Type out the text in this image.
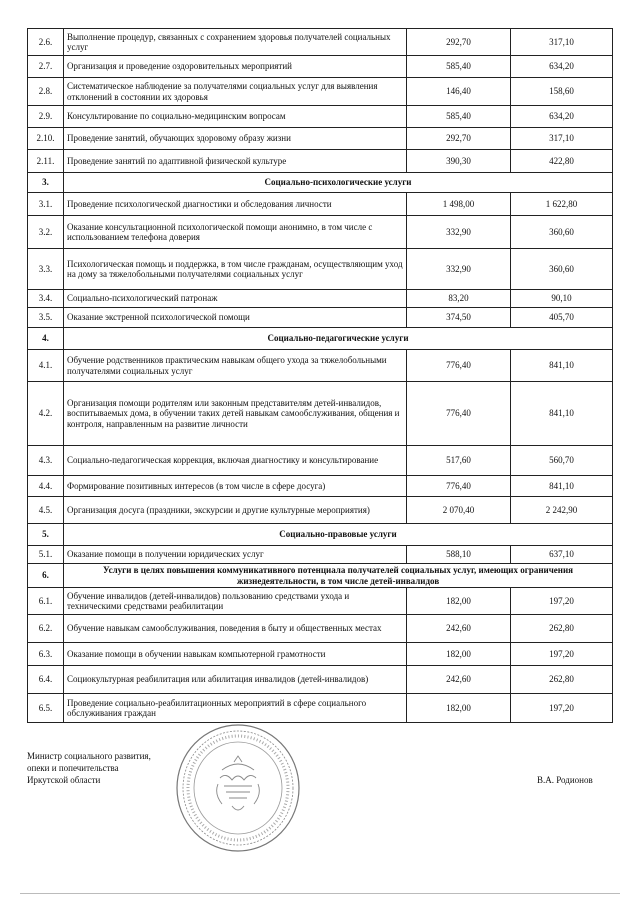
2.6.	Выполнение процедур, связанных с сохранением здоровья получателей социальных услуг	292,70	317,10
2.7.	Организация и проведение оздоровительных мероприятий	585,40	634,20
2.8.	Систематическое наблюдение за получателями социальных услуг для выявления отклонений в состоянии их здоровья	146,40	158,60
2.9.	Консультирование по социально-медицинским вопросам	585,40	634,20
2.10.	Проведение занятий, обучающих здоровому образу жизни	292,70	317,10
2.11.	Проведение занятий по адаптивной физической культуре	390,30	422,80
3.	Социально-психологические услуги		
3.1.	Проведение психологической диагностики и обследования личности	1 498,00	1 622,80
3.2.	Оказание консультационной психологической помощи анонимно, в том числе с использованием телефона доверия	332,90	360,60
3.3.	Психологическая помощь и поддержка, в том числе гражданам, осуществляющим уход на дому за тяжелобольными получателями социальных услуг	332,90	360,60
3.4.	Социально-психологический патронаж	83,20	90,10
3.5.	Оказание экстренной психологической помощи	374,50	405,70
4.	Социально-педагогические услуги		
4.1.	Обучение родственников практическим навыкам общего ухода за тяжелобольными получателями социальных услуг	776,40	841,10
4.2.	Организация помощи родителям или законным представителям детей-инвалидов, воспитываемых дома, в обучении таких детей навыкам самообслуживания, общения и контроля, направленным на развитие личности	776,40	841,10
4.3.	Социально-педагогическая коррекция, включая диагностику и консультирование	517,60	560,70
4.4.	Формирование позитивных интересов (в том числе в сфере досуга)	776,40	841,10
4.5.	Организация досуга (праздники, экскурсии и другие культурные мероприятия)	2 070,40	2 242,90
5.	Социально-правовые услуги		
5.1.	Оказание помощи в получении юридических услуг	588,10	637,10
6.	Услуги в целях повышения коммуникативного потенциала получателей социальных услуг, имеющих ограничения жизнедеятельности, в том числе детей-инвалидов		
6.1.	Обучение инвалидов (детей-инвалидов) пользованию средствами ухода и техническими средствами реабилитации	182,00	197,20
6.2.	Обучение навыкам самообслуживания, поведения в быту и общественных местах	242,60	262,80
6.3.	Оказание помощи в обучении навыкам компьютерной грамотности	182,00	197,20
6.4.	Социокультурная реабилитация или абилитация инвалидов (детей-инвалидов)	242,60	262,80
6.5.	Проведение социально-реабилитационных мероприятий в сфере социального обслуживания граждан	182,00	197,20
Министр социального развития,
опеки и попечительства
Иркутской области	В.А. Родионов
